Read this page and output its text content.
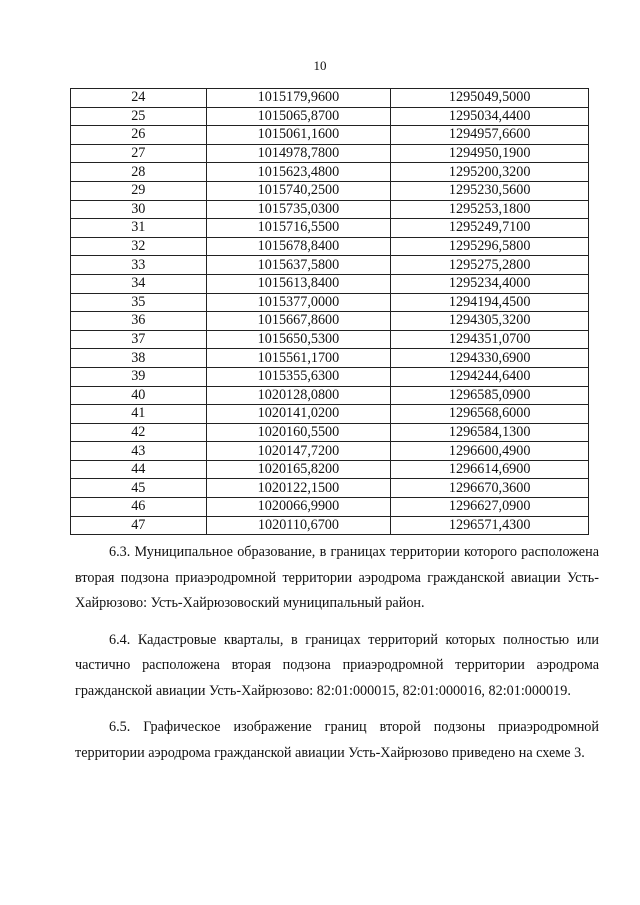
10
24	1015179,9600	1295049,5000
25	1015065,8700	1295034,4400
26	1015061,1600	1294957,6600
27	1014978,7800	1294950,1900
28	1015623,4800	1295200,3200
29	1015740,2500	1295230,5600
30	1015735,0300	1295253,1800
31	1015716,5500	1295249,7100
32	1015678,8400	1295296,5800
33	1015637,5800	1295275,2800
34	1015613,8400	1295234,4000
35	1015377,0000	1294194,4500
36	1015667,8600	1294305,3200
37	1015650,5300	1294351,0700
38	1015561,1700	1294330,6900
39	1015355,6300	1294244,6400
40	1020128,0800	1296585,0900
41	1020141,0200	1296568,6000
42	1020160,5500	1296584,1300
43	1020147,7200	1296600,4900
44	1020165,8200	1296614,6900
45	1020122,1500	1296670,3600
46	1020066,9900	1296627,0900
47	1020110,6700	1296571,4300

6.3. Муниципальное образование, в границах территории которого расположена вторая подзона приаэродромной территории аэродрома гражданской авиации Усть-Хайрюзово: Усть-Хайрюзовоский муниципальный район.

6.4. Кадастровые кварталы, в границах территорий которых полностью или частично расположена вторая подзона приаэродромной территории аэродрома гражданской авиации Усть-Хайрюзово: 82:01:000015, 82:01:000016, 82:01:000019.

6.5. Графическое изображение границ второй подзоны приаэродромной территории аэродрома гражданской авиации Усть-Хайрюзово приведено на схеме 3.
